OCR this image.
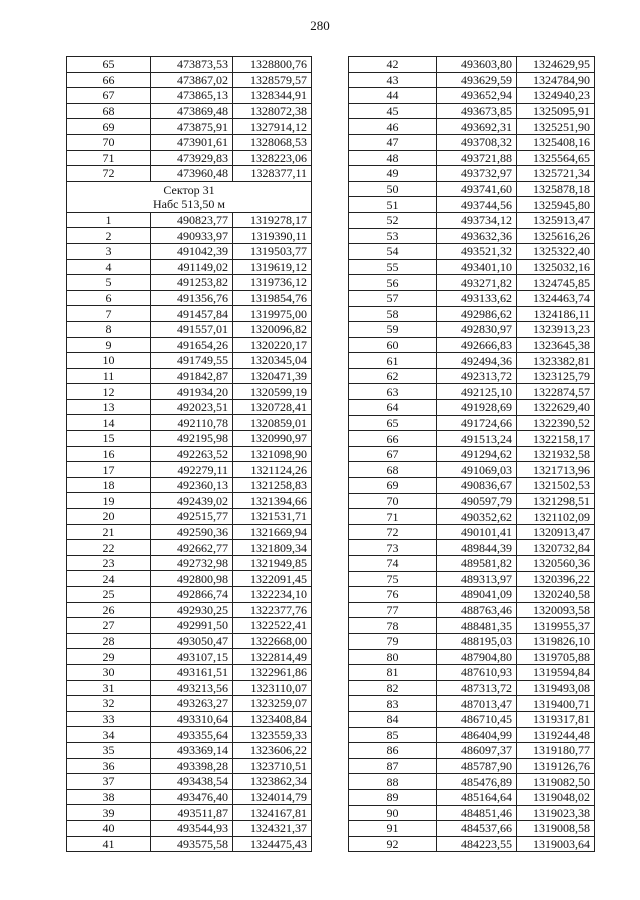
280
65	473873,53	1328800,76
66	473867,02	1328579,57
67	473865,13	1328344,91
68	473869,48	1328072,38
69	473875,91	1327914,12
70	473901,61	1328068,53
71	473929,83	1328223,06
72	473960,48	1328377,11

Сектор 31
Набс 513,50 м		

1	490823,77	1319278,17
2	490933,97	1319390,11
3	491042,39	1319503,77
4	491149,02	1319619,12
5	491253,82	1319736,12
6	491356,76	1319854,76
7	491457,84	1319975,00
8	491557,01	1320096,82
9	491654,26	1320220,17
10	491749,55	1320345,04
11	491842,87	1320471,39
12	491934,20	1320599,19
13	492023,51	1320728,41
14	492110,78	1320859,01
15	492195,98	1320990,97
16	492263,52	1321098,90
17	492279,11	1321124,26
18	492360,13	1321258,83
19	492439,02	1321394,66
20	492515,77	1321531,71
21	492590,36	1321669,94
22	492662,77	1321809,34
23	492732,98	1321949,85
24	492800,98	1322091,45
25	492866,74	1322234,10
26	492930,25	1322377,76
27	492991,50	1322522,41
28	493050,47	1322668,00
29	493107,15	1322814,49
30	493161,51	1322961,86
31	493213,56	1323110,07
32	493263,27	1323259,07
33	493310,64	1323408,84
34	493355,64	1323559,33
35	493369,14	1323606,22
36	493398,28	1323710,51
37	493438,54	1323862,34
38	493476,40	1324014,79
39	493511,87	1324167,81
40	493544,93	1324321,37
41	493575,58	1324475,43
42	493603,80	1324629,95
43	493629,59	1324784,90
44	493652,94	1324940,23
45	493673,85	1325095,91
46	493692,31	1325251,90
47	493708,32	1325408,16
48	493721,88	1325564,65
49	493732,97	1325721,34
50	493741,60	1325878,18
51	493744,56	1325945,80
52	493734,12	1325913,47
53	493632,36	1325616,26
54	493521,32	1325322,40
55	493401,10	1325032,16
56	493271,82	1324745,85
57	493133,62	1324463,74
58	492986,62	1324186,11
59	492830,97	1323913,23
60	492666,83	1323645,38
61	492494,36	1323382,81
62	492313,72	1323125,79
63	492125,10	1322874,57
64	491928,69	1322629,40
65	491724,66	1322390,52
66	491513,24	1322158,17
67	491294,62	1321932,58
68	491069,03	1321713,96
69	490836,67	1321502,53
70	490597,79	1321298,51
71	490352,62	1321102,09
72	490101,41	1320913,47
73	489844,39	1320732,84
74	489581,82	1320560,36
75	489313,97	1320396,22
76	489041,09	1320240,58
77	488763,46	1320093,58
78	488481,35	1319955,37
79	488195,03	1319826,10
80	487904,80	1319705,88
81	487610,93	1319594,84
82	487313,72	1319493,08
83	487013,47	1319400,71
84	486710,45	1319317,81
85	486404,99	1319244,48
86	486097,37	1319180,77
87	485787,90	1319126,76
88	485476,89	1319082,50
89	485164,64	1319048,02
90	484851,46	1319023,38
91	484537,66	1319008,58
92	484223,55	1319003,64
